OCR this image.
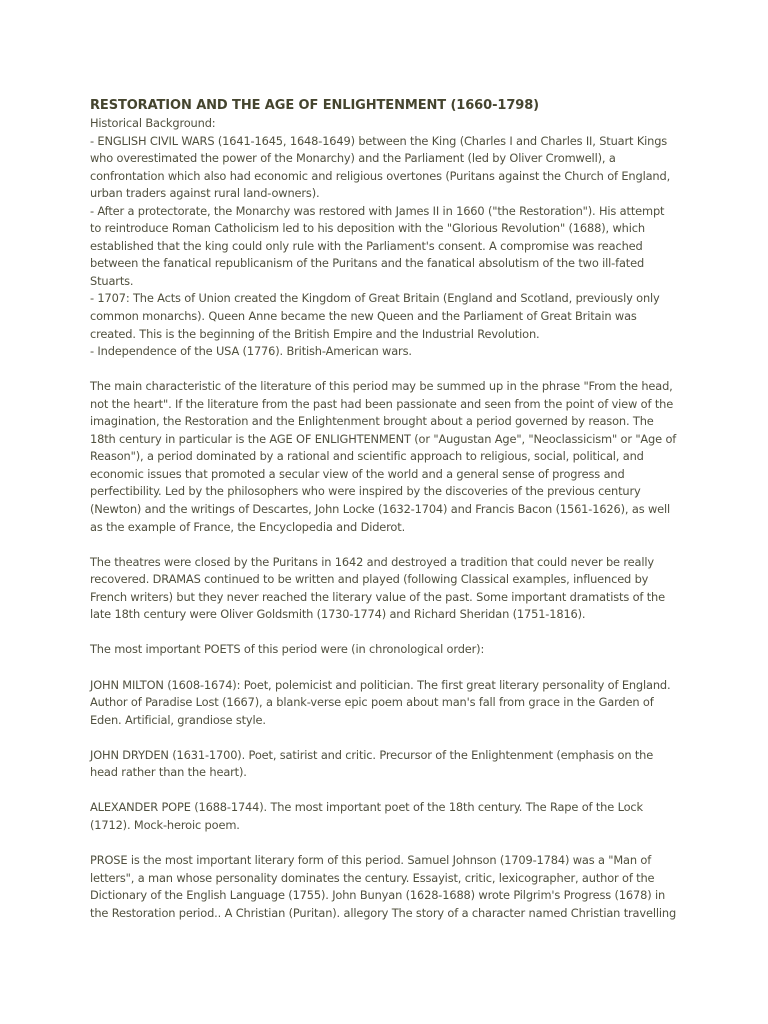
RESTORATION AND THE AGE OF ENLIGHTENMENT (1660-1798)
Historical Background:
- ENGLISH CIVIL WARS (1641-1645, 1648-1649) between the King (Charles I and Charles II, Stuart Kings
who overestimated the power of the Monarchy) and the Parliament (led by Oliver Cromwell), a
confrontation which also had economic and religious overtones (Puritans against the Church of England,
urban traders against rural land-owners).
- After a protectorate, the Monarchy was restored with James II in 1660 ("the Restoration"). His attempt
to reintroduce Roman Catholicism led to his deposition with the "Glorious Revolution" (1688), which
established that the king could only rule with the Parliament's consent. A compromise was reached
between the fanatical republicanism of the Puritans and the fanatical absolutism of the two ill-fated
Stuarts.
- 1707: The Acts of Union created the Kingdom of Great Britain (England and Scotland, previously only
common monarchs). Queen Anne became the new Queen and the Parliament of Great Britain was
created. This is the beginning of the British Empire and the Industrial Revolution.
- Independence of the USA (1776). British-American wars.
The main characteristic of the literature of this period may be summed up in the phrase "From the head,
not the heart". If the literature from the past had been passionate and seen from the point of view of the
imagination, the Restoration and the Enlightenment brought about a period governed by reason. The
18th century in particular is the AGE OF ENLIGHTENMENT (or "Augustan Age", "Neoclassicism" or "Age of
Reason"), a period dominated by a rational and scientific approach to religious, social, political, and
economic issues that promoted a secular view of the world and a general sense of progress and
perfectibility. Led by the philosophers who were inspired by the discoveries of the previous century
(Newton) and the writings of Descartes, John Locke (1632-1704) and Francis Bacon (1561-1626), as well
as the example of France, the Encyclopedia and Diderot.
The theatres were closed by the Puritans in 1642 and destroyed a tradition that could never be really
recovered. DRAMAS continued to be written and played (following Classical examples, influenced by
French writers) but they never reached the literary value of the past. Some important dramatists of the
late 18th century were Oliver Goldsmith (1730-1774) and Richard Sheridan (1751-1816).
The most important POETS of this period were (in chronological order):
JOHN MILTON (1608-1674): Poet, polemicist and politician. The first great literary personality of England.
Author of Paradise Lost (1667), a blank-verse epic poem about man's fall from grace in the Garden of
Eden. Artificial, grandiose style.
JOHN DRYDEN (1631-1700). Poet, satirist and critic. Precursor of the Enlightenment (emphasis on the
head rather than the heart).
ALEXANDER POPE (1688-1744). The most important poet of the 18th century. The Rape of the Lock
(1712). Mock-heroic poem.
PROSE is the most important literary form of this period. Samuel Johnson (1709-1784) was a "Man of
letters", a man whose personality dominates the century. Essayist, critic, lexicographer, author of the
Dictionary of the English Language (1755). John Bunyan (1628-1688) wrote Pilgrim's Progress (1678) in
the Restoration period.. A Christian (Puritan). allegory The story of a character named Christian travelling
